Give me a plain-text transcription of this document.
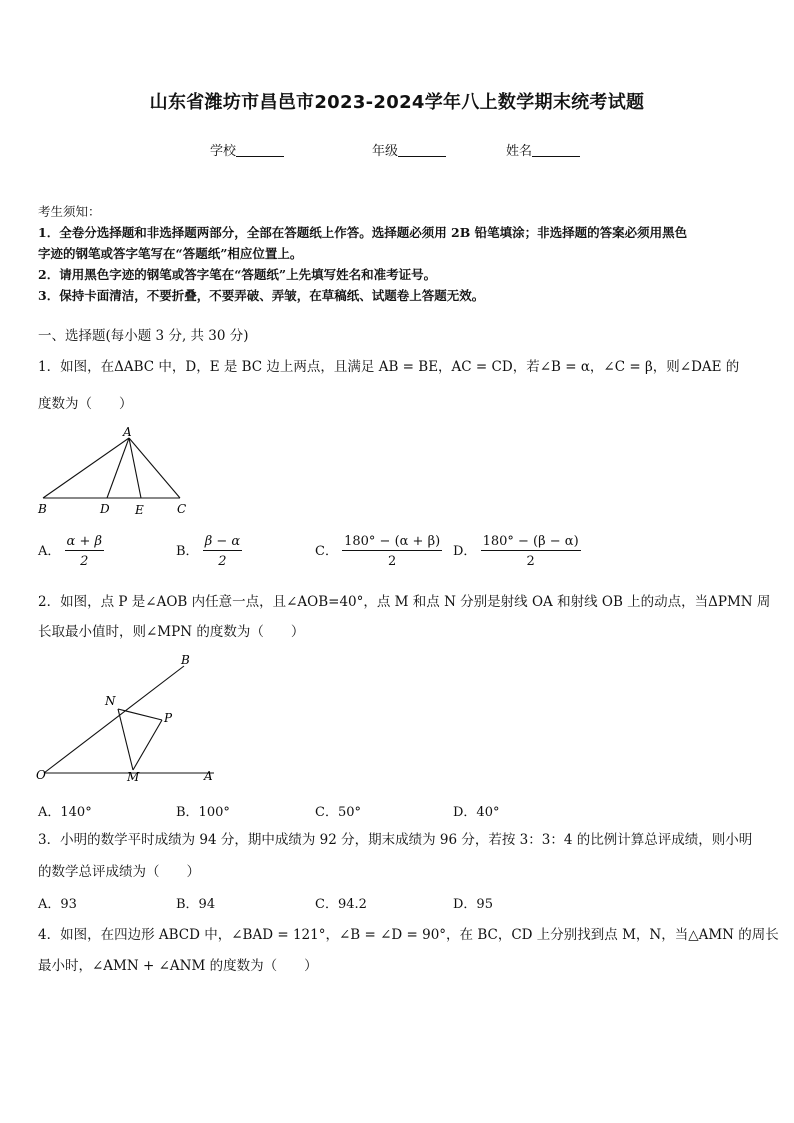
山东省潍坊市昌邑市2023-2024学年八上数学期末统考试题
学校	年级	姓名
考生须知：
1．全卷分选择题和非选择题两部分，全部在答题纸上作答。选择题必须用 2B 铅笔填涂；非选择题的答案必须用黑色
字迹的钢笔或答字笔写在“答题纸”相应位置上。
2．请用黑色字迹的钢笔或答字笔在“答题纸”上先填写姓名和准考证号。
3．保持卡面清洁，不要折叠，不要弄破、弄皱，在草稿纸、试题卷上答题无效。
一、选择题(每小题 3 分, 共 30 分)
1．如图，在ΔABC 中，D，E 是 BC 边上两点，且满足 AB = BE，AC = CD，若∠B = α，∠C = β，则∠DAE 的
度数为（　　）
A
B	D E	C
A． $\frac{\alpha + \beta}{2}$	B． $\frac{\beta - \alpha}{2}$	C． $\frac{180^\circ - (\alpha + \beta)}{2}$ D． $\frac{180^\circ - (\beta - \alpha)}{2}$
2．如图，点 P 是∠AOB 内任意一点，且∠AOB=40°，点 M 和点 N 分别是射线 OA 和射线 OB 上的动点，当ΔPMN 周
长取最小值时，则∠MPN 的度数为（　　）
B
N
P
O	M	A
A．140°	B．100°	C．50°	D．40°
3．小明的数学平时成绩为 94 分，期中成绩为 92 分，期末成绩为 96 分，若按 3：3：4 的比例计算总评成绩，则小明
的数学总评成绩为（　　）
A．93	B．94	C．94.2	D．95
4．如图，在四边形 ABCD 中，∠BAD = 121°，∠B = ∠D = 90°，在 BC，CD 上分别找到点 M，N，当△AMN 的周长
最小时，∠AMN + ∠ANM 的度数为（　　）
